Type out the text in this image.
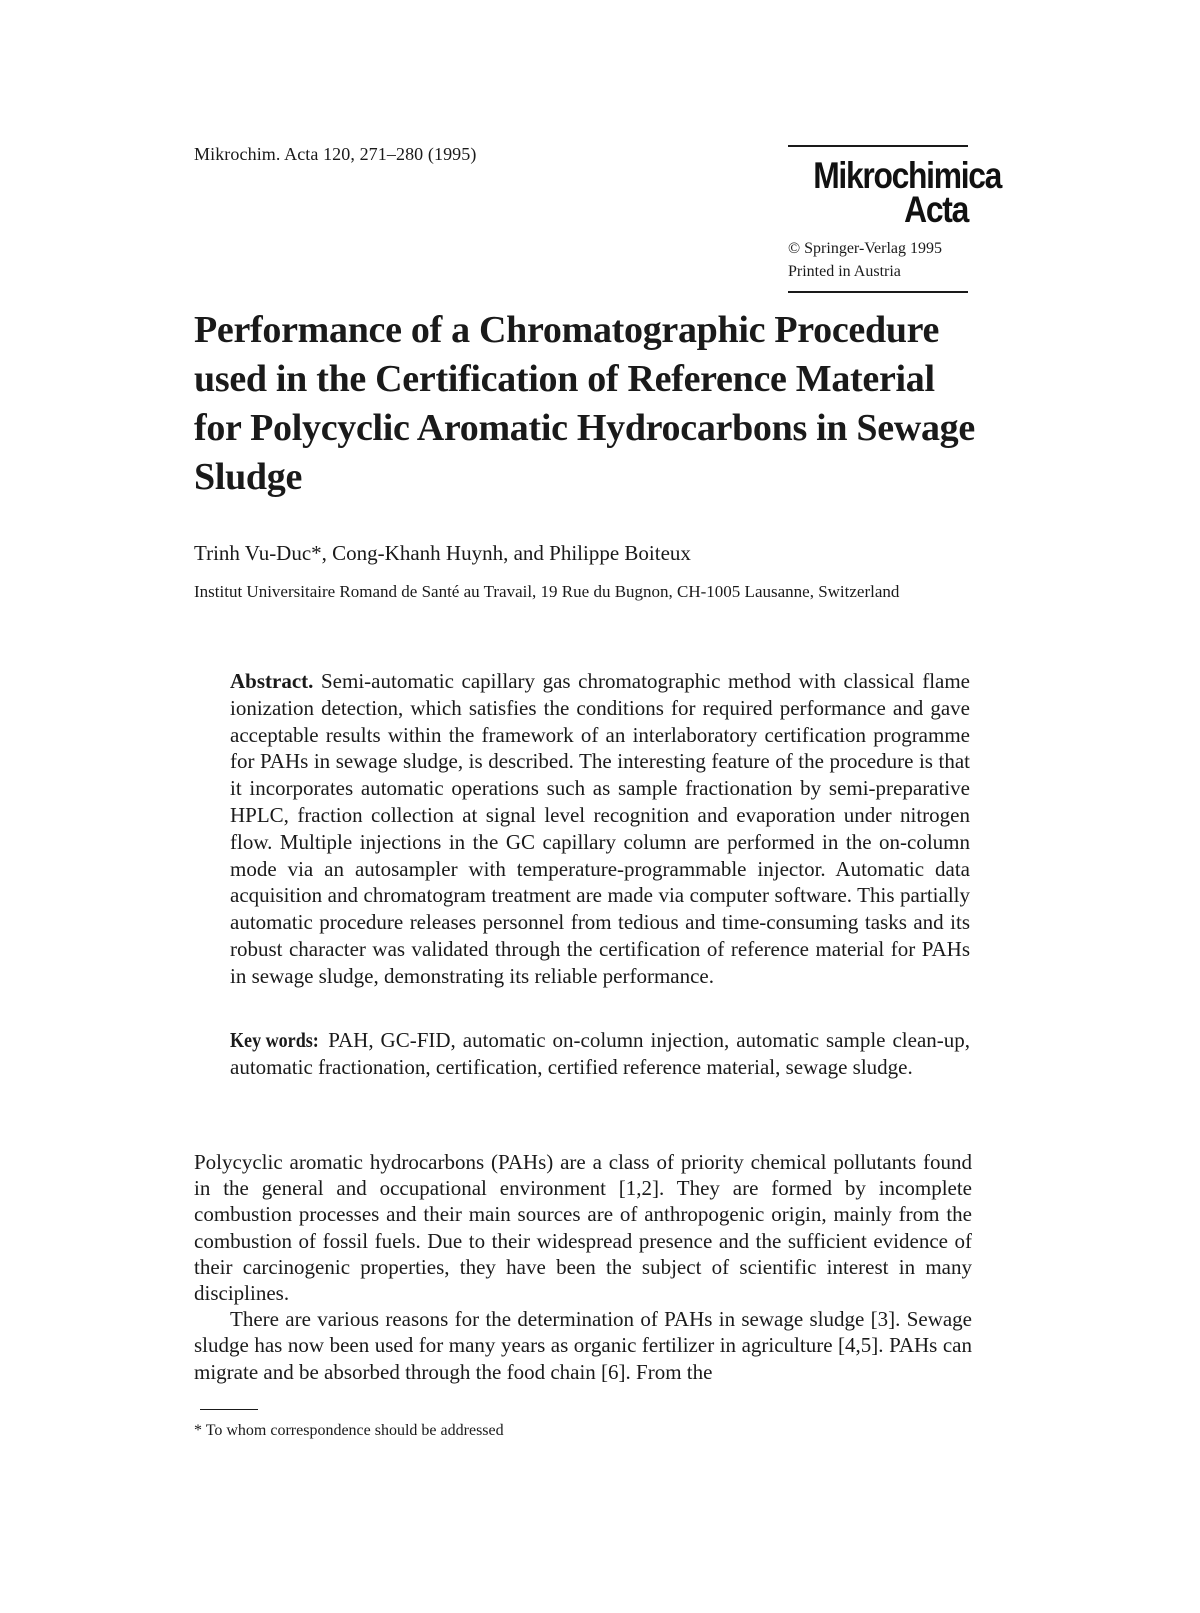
Mikrochim. Acta 120, 271–280 (1995)
Mikrochimica
Acta
© Springer-Verlag 1995
Printed in Austria
Performance of a Chromatographic Procedure used in the Certification of Reference Material for Polycyclic Aromatic Hydrocarbons in Sewage Sludge
Trinh Vu-Duc*, Cong-Khanh Huynh, and Philippe Boiteux
Institut Universitaire Romand de Santé au Travail, 19 Rue du Bugnon, CH-1005 Lausanne, Switzerland

Abstract. Semi-automatic capillary gas chromatographic method with classical flame ionization detection, which satisfies the conditions for required performance and gave acceptable results within the framework of an interlaboratory certification programme for PAHs in sewage sludge, is described. The interesting feature of the procedure is that it incorporates automatic operations such as sample fractionation by semi-preparative HPLC, fraction collection at signal level recognition and evaporation under nitrogen flow. Multiple injections in the GC capillary column are performed in the on-column mode via an autosampler with temperature-programmable injector. Automatic data acquisition and chromatogram treatment are made via computer software. This partially automatic procedure releases personnel from tedious and time-consuming tasks and its robust character was validated through the certification of reference material for PAHs in sewage sludge, demonstrating its reliable performance.

Key words: PAH, GC-FID, automatic on-column injection, automatic sample clean-up, automatic fractionation, certification, certified reference material, sewage sludge.

Polycyclic aromatic hydrocarbons (PAHs) are a class of priority chemical pollutants found in the general and occupational environment [1,2]. They are formed by incomplete combustion processes and their main sources are of anthropogenic origin, mainly from the combustion of fossil fuels. Due to their widespread presence and the sufficient evidence of their carcinogenic properties, they have been the subject of scientific interest in many disciplines.

There are various reasons for the determination of PAHs in sewage sludge [3]. Sewage sludge has now been used for many years as organic fertilizer in agriculture [4,5]. PAHs can migrate and be absorbed through the food chain [6]. From the

* To whom correspondence should be addressed
